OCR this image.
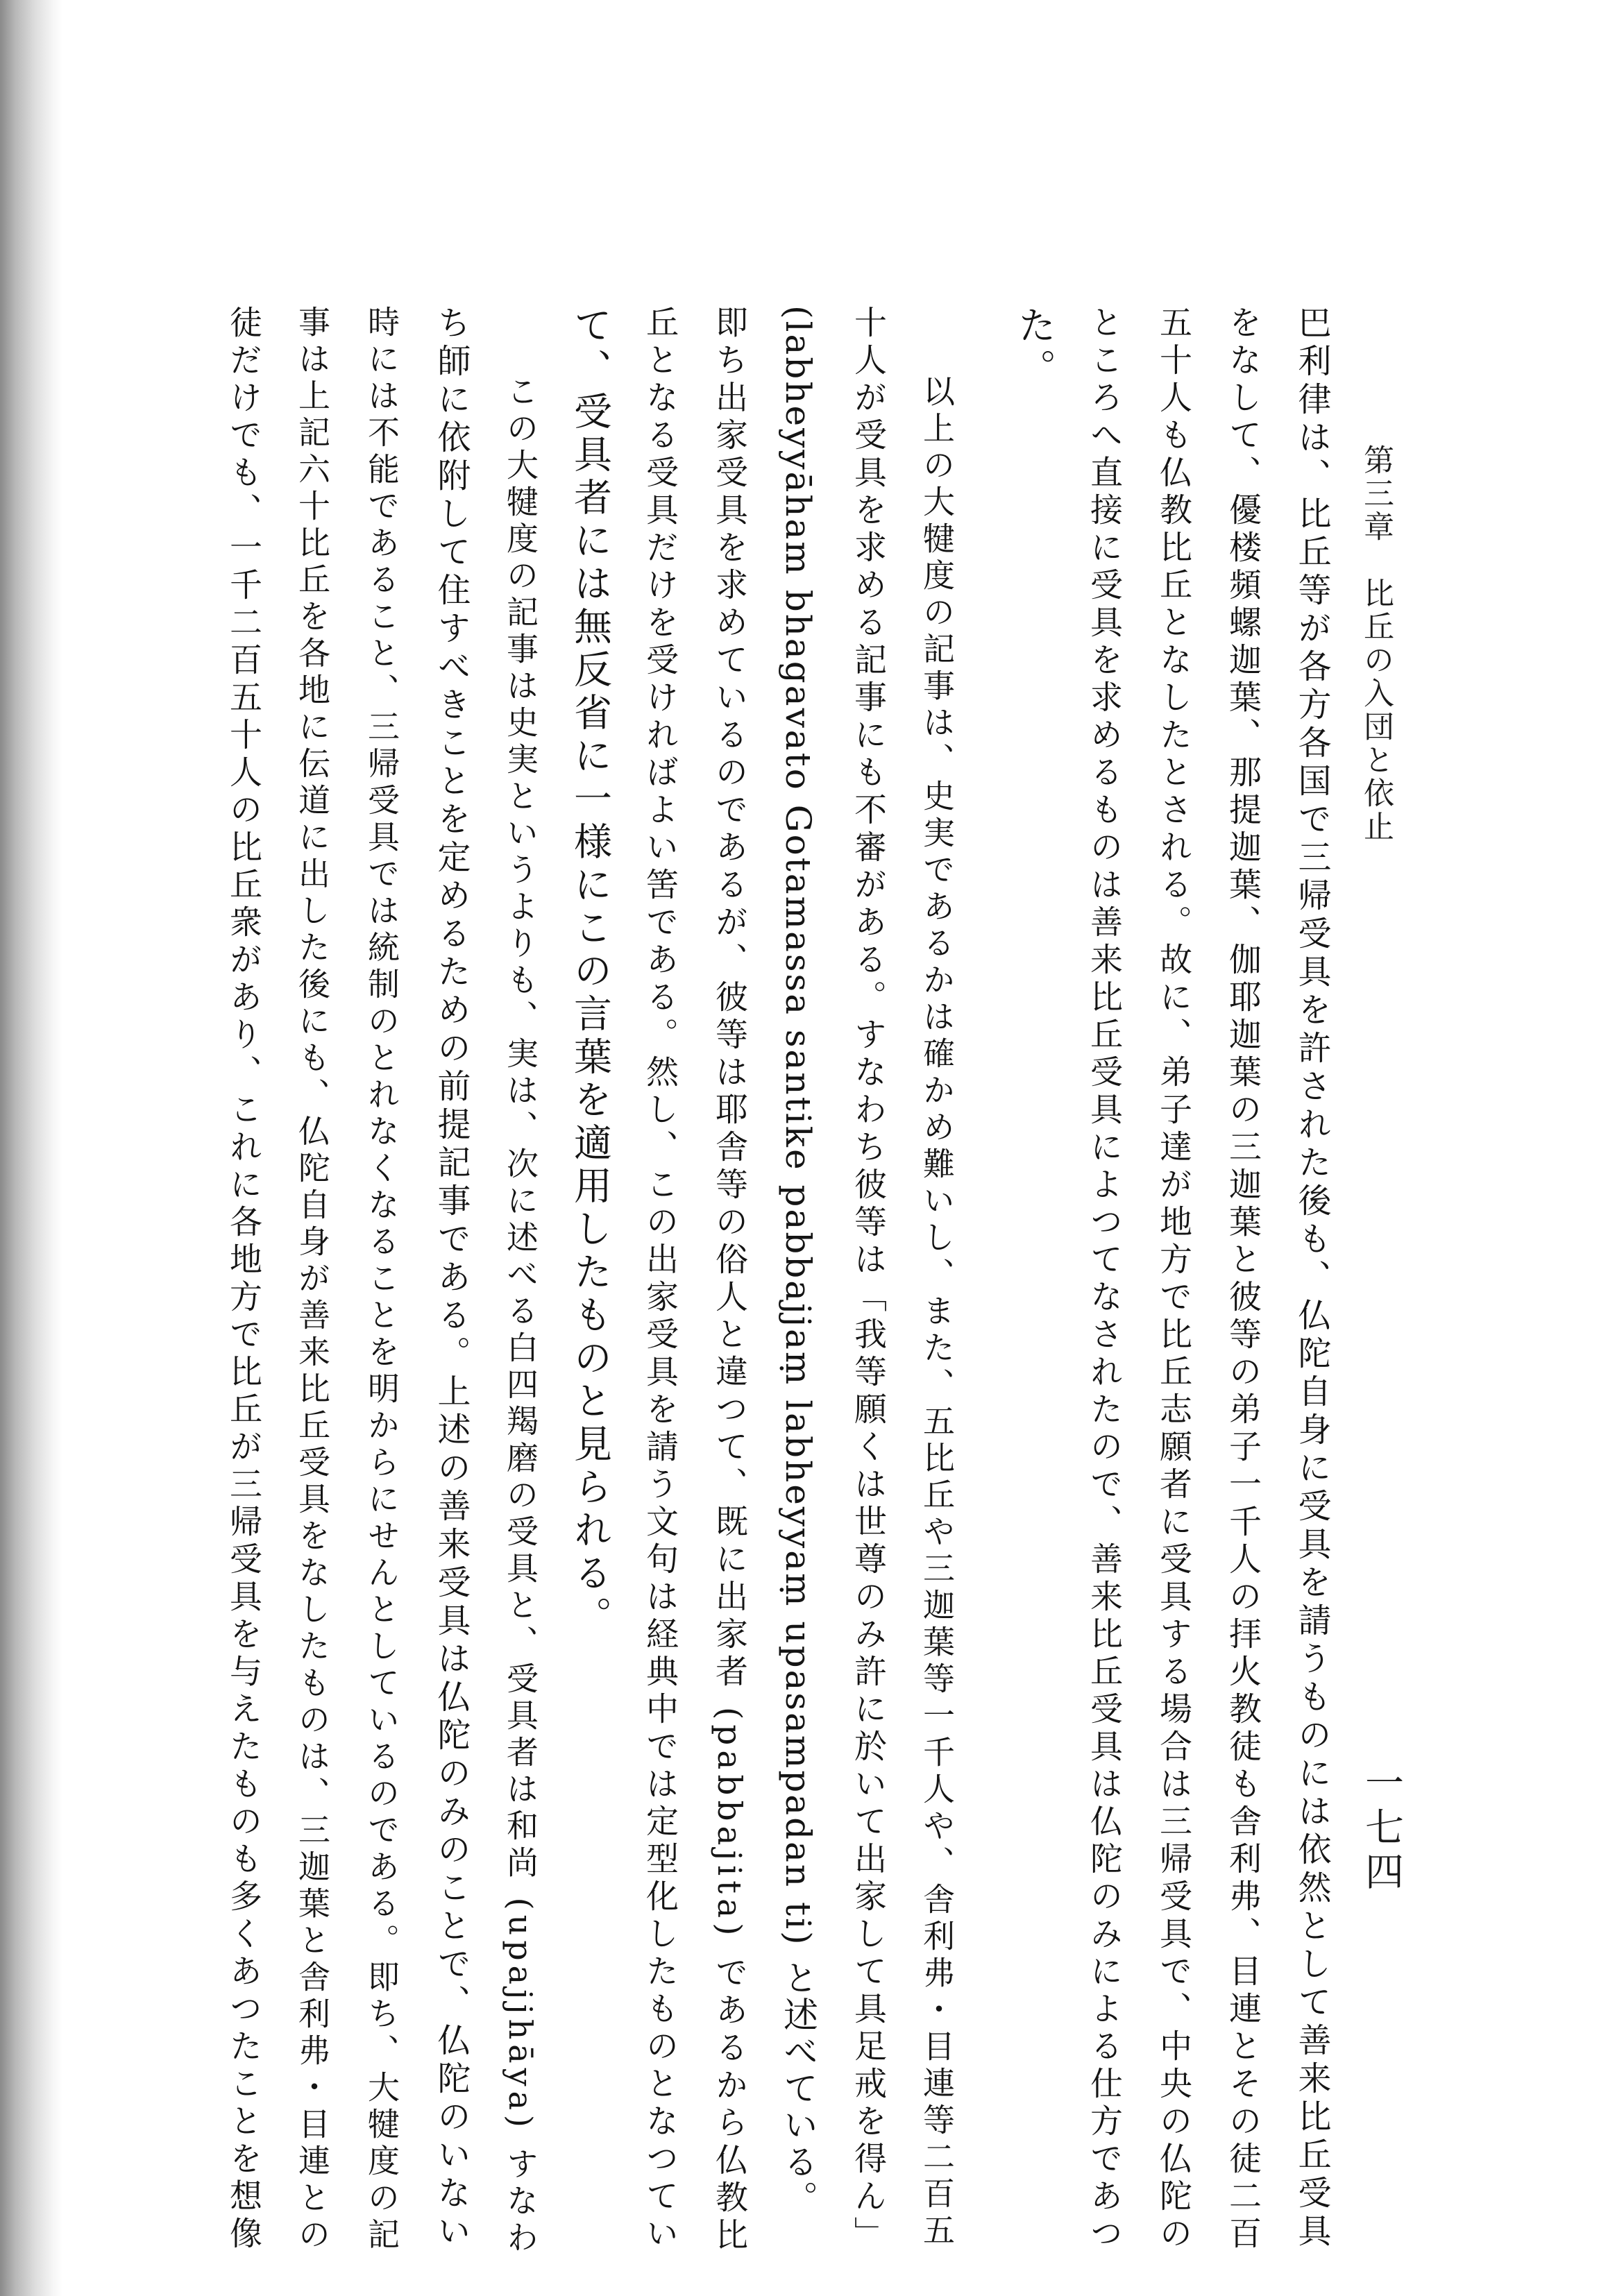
第三章　比丘の入団と依止
一七四
巴利律は、比丘等が各方各国で三帰受具を許された後も、仏陀自身に受具を請うものには依然として善来比丘受具
をなして、優楼頻螺迦葉、那提迦葉、伽耶迦葉の三迦葉と彼等の弟子一千人の拝火教徒も舎利弗、目連とその徒二百
五十人も仏教比丘となしたとされる。故に、弟子達が地方で比丘志願者に受具する場合は三帰受具で、中央の仏陀の
ところへ直接に受具を求めるものは善来比丘受具によつてなされたので、善来比丘受具は仏陀のみによる仕方であつ
た。
以上の大犍度の記事は、史実であるかは確かめ難いし、また、五比丘や三迦葉等一千人や、舎利弗・目連等二百五
十人が受具を求める記事にも不審がある。すなわち彼等は「我等願くは世尊のみ許に於いて出家して具足戒を得ん」
(labheyyāham bhagavato Gotamassa santike pabbajjaṃ labheyyaṃ upasampadan ti) と述べている。
即ち出家受具を求めているのであるが、彼等は耶舎等の俗人と違つて、既に出家者 (pabbajita) であるから仏教比
丘となる受具だけを受ければよい筈である。然し、この出家受具を請う文句は経典中では定型化したものとなつてい
て、受具者には無反省に一様にこの言葉を適用したものと見られる。
この大犍度の記事は史実というよりも、実は、次に述べる白四羯磨の受具と、受具者は和尚 (upajjhāya) すなわ
ち師に依附して住すべきことを定めるための前提記事である。上述の善来受具は仏陀のみのことで、仏陀のいない
時には不能であること、三帰受具では統制のとれなくなることを明からにせんとしているのである。即ち、大犍度の記
事は上記六十比丘を各地に伝道に出した後にも、仏陀自身が善来比丘受具をなしたものは、三迦葉と舎利弗・目連との
徒だけでも、一千二百五十人の比丘衆があり、これに各地方で比丘が三帰受具を与えたものも多くあつたことを想像
